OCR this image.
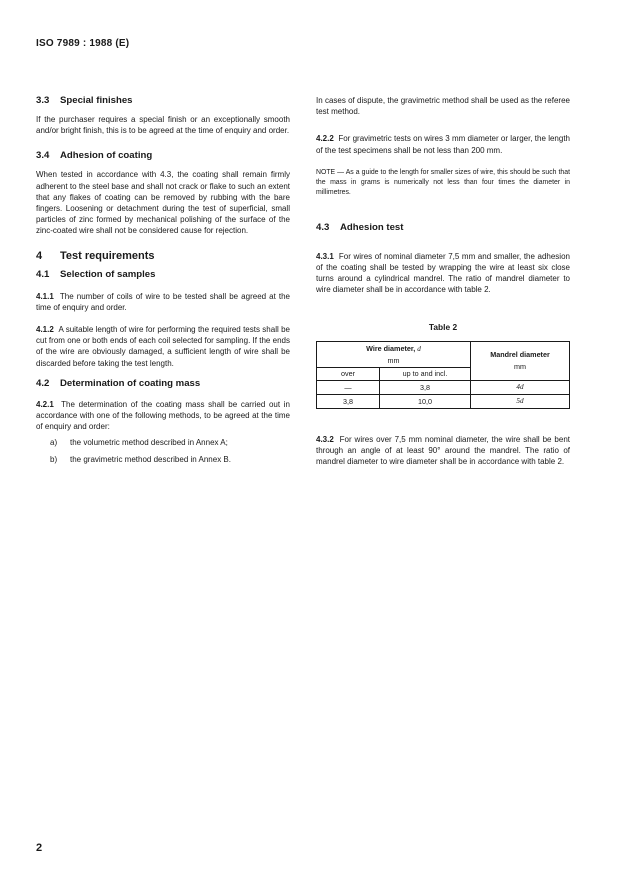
ISO 7989 : 1988 (E)
3.3 Special finishes

If the purchaser requires a special finish or an exceptionally smooth and/or bright finish, this is to be agreed at the time of enquiry and order.

3.4 Adhesion of coating

When tested in accordance with 4.3, the coating shall remain firmly adherent to the steel base and shall not crack or flake to such an extent that any flakes of coating can be removed by rubbing with the bare fingers. Loosening or detachment during the test of superficial, small particles of zinc formed by mechanical polishing of the surface of the zinc-coated wire shall not be considered cause for rejection.

4 Test requirements
4.1 Selection of samples

4.1.1 The number of coils of wire to be tested shall be agreed at the time of enquiry and order.

4.1.2 A suitable length of wire for performing the required tests shall be cut from one or both ends of each coil selected for sampling. If the ends of the wire are obviously damaged, a sufficient length of wire shall be discarded before taking the test length.

4.2 Determination of coating mass

4.2.1 The determination of the coating mass shall be carried out in accordance with one of the following methods, to be agreed at the time of enquiry and order:

a)	the volumetric method described in Annex A;
b)	the gravimetric method described in Annex B.

In cases of dispute, the gravimetric method shall be used as the referee test method.

4.2.2 For gravimetric tests on wires 3 mm diameter or larger, the length of the test specimens shall be not less than 200 mm.

NOTE — As a guide to the length for smaller sizes of wire, this should be such that the mass in grams is numerically not less than four times the diameter in millimetres.

4.3 Adhesion test

4.3.1 For wires of nominal diameter 7,5 mm and smaller, the adhesion of the coating shall be tested by wrapping the wire at least six close turns around a cylindrical mandrel. The ratio of mandrel diameter to wire diameter shall be in accordance with table 2.

Table 2
Wire diameter, d
mm		Mandrel diameter
mm
over	up to and incl.	
—	3,8	4d
3,8	10,0	5d

4.3.2 For wires over 7,5 mm nominal diameter, the wire shall be bent through an angle of at least 90° around the mandrel. The ratio of mandrel diameter to wire diameter shall be in accordance with table 2.

2
